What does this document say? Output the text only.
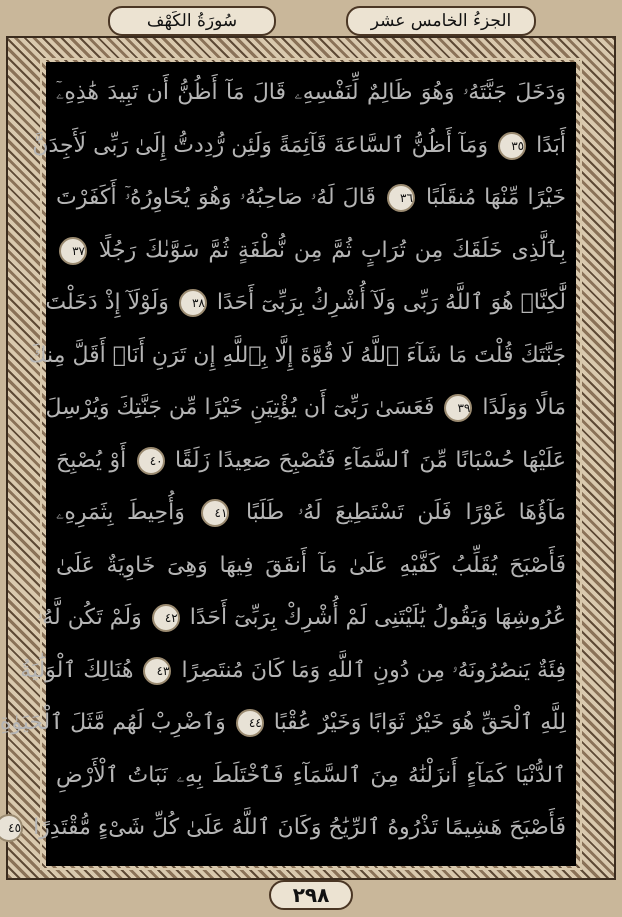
الجزءُ الخامس عشر
سُورَةُ الكَهْف
وَدَخَلَ جَنَّتَهُۥ وَهُوَ ظَالِمٌ لِّنَفْسِهِۦ قَالَ مَآ أَظُنُّ أَن تَبِيدَ هَٰذِهِۦٓ
أَبَدًا ٣٥ وَمَآ أَظُنُّ ٱلسَّاعَةَ قَآئِمَةً وَلَئِن رُّدِدتُّ إِلَىٰ رَبِّى لَأَجِدَنَّ
خَيْرًا مِّنْهَا مُنقَلَبًا ٣٦ قَالَ لَهُۥ صَاحِبُهُۥ وَهُوَ يُحَاوِرُهُۥٓ أَكَفَرْتَ
بِٱلَّذِى خَلَقَكَ مِن تُرَابٍ ثُمَّ مِن نُّطْفَةٍ ثُمَّ سَوَّىٰكَ رَجُلًا ٣٧
لَّٰكِنَّا۠ هُوَ ٱللَّهُ رَبِّى وَلَآ أُشْرِكُ بِرَبِّىٓ أَحَدًا ٣٨ وَلَوْلَآ إِذْ دَخَلْتَ
جَنَّتَكَ قُلْتَ مَا شَآءَ ٱللَّهُ لَا قُوَّةَ إِلَّا بِٱللَّهِ إِن تَرَنِ أَنَا۠ أَقَلَّ مِنكَ
مَالًا وَوَلَدًا ٣٩ فَعَسَىٰ رَبِّىٓ أَن يُؤْتِيَنِ خَيْرًا مِّن جَنَّتِكَ وَيُرْسِلَ
عَلَيْهَا حُسْبَانًا مِّنَ ٱلسَّمَآءِ فَتُصْبِحَ صَعِيدًا زَلَقًا ٤٠ أَوْ يُصْبِحَ
مَآؤُهَا غَوْرًا فَلَن تَسْتَطِيعَ لَهُۥ طَلَبًا ٤١ وَأُحِيطَ بِثَمَرِهِۦ
فَأَصْبَحَ يُقَلِّبُ كَفَّيْهِ عَلَىٰ مَآ أَنفَقَ فِيهَا وَهِىَ خَاوِيَةٌ عَلَىٰ
عُرُوشِهَا وَيَقُولُ يَٰلَيْتَنِى لَمْ أُشْرِكْ بِرَبِّىٓ أَحَدًا ٤٢ وَلَمْ تَكُن لَّهُۥ
فِئَةٌ يَنصُرُونَهُۥ مِن دُونِ ٱللَّهِ وَمَا كَانَ مُنتَصِرًا ٤٣ هُنَالِكَ ٱلْوَلَٰيَةُ
لِلَّهِ ٱلْحَقِّ هُوَ خَيْرٌ ثَوَابًا وَخَيْرٌ عُقْبًا ٤٤ وَٱضْرِبْ لَهُم مَّثَلَ ٱلْحَيَوٰةِ
ٱلدُّنْيَا كَمَآءٍ أَنزَلْنَٰهُ مِنَ ٱلسَّمَآءِ فَٱخْتَلَطَ بِهِۦ نَبَاتُ ٱلْأَرْضِ
فَأَصْبَحَ هَشِيمًا تَذْرُوهُ ٱلرِّيَٰحُ وَكَانَ ٱللَّهُ عَلَىٰ كُلِّ شَىْءٍ مُّقْتَدِرًا ٤٥
٢٩٨
